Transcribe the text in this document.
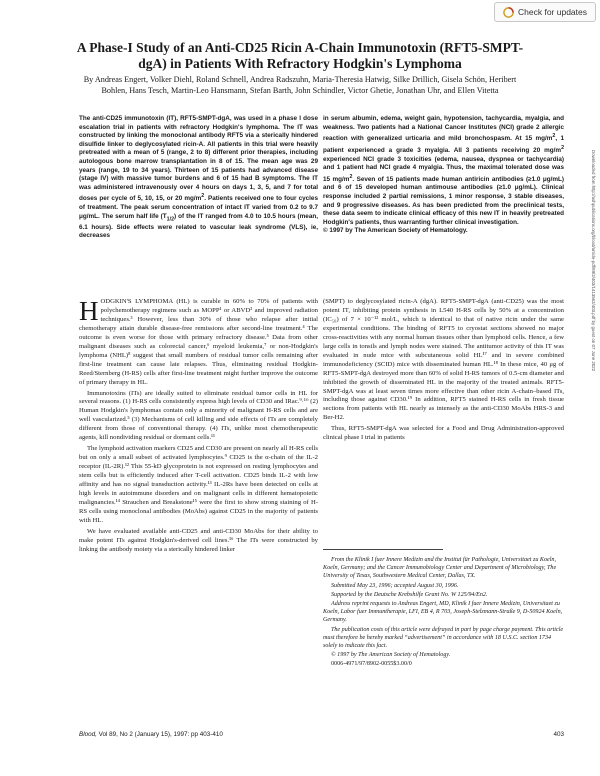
Check for updates
A Phase-I Study of an Anti-CD25 Ricin A-Chain Immunotoxin (RFT5-SMPT-dgA) in Patients With Refractory Hodgkin's Lymphoma
By Andreas Engert, Volker Diehl, Roland Schnell, Andrea Radszuhn, Maria-Theresia Hatwig, Silke Drillich, Gisela Schön, Heribert Bohlen, Hans Tesch, Martin-Leo Hansmann, Stefan Barth, John Schindler, Victor Ghetie, Jonathan Uhr, and Ellen Vitetta
The anti-CD25 immunotoxin (IT), RFT5-SMPT-dgA, was used in a phase I dose escalation trial in patients with refractory Hodgkin's lymphoma. The IT was constructed by linking the monoclonal antibody RFT5 via a sterically hindered disulfide linker to deglycosylated ricin-A. All patients in this trial were heavily pretreated with a mean of 5 (range, 2 to 8) different prior therapies, including autologous bone marrow transplantation in 8 of 15. The mean age was 29 years (range, 19 to 34 years). Thirteen of 15 patients had advanced disease (stage IV) with massive tumor burdens and 6 of 15 had B symptoms. The IT was administered intravenously over 4 hours on days 1, 3, 5, and 7 for total doses per cycle of 5, 10, 15, or 20 $mg/m^2$. Patients received one to four cycles of treatment. The peak serum concentration of intact IT varied from 0.2 to 9.7 μg/mL. The serum half life $(T_{1/2})$ of the IT ranged from 4.0 to 10.5 hours (mean, 6.1 hours). Side effects were related to vascular leak syndrome (VLS), ie, decreases
in serum albumin, edema, weight gain, hypotension, tachycardia, myalgia, and weakness. Two patients had a National Cancer Institutes (NCI) grade 2 allergic reaction with generalized urticaria and mild bronchospasm. At 15 $mg/m^2$, 1 patient experienced a grade 3 myalgia. All 3 patients receiving 20 $mg/m^2$ experienced NCI grade 3 toxicities (edema, nausea, dyspnea or tachycardia) and 1 patient had NCI grade 4 myalgia. Thus, the maximal tolerated dose was 15 $mg/m^2$. Seven of 15 patients made human antiricin antibodies (≥1.0 μg/mL) and 6 of 15 developed human antimouse antibodies (≥1.0 μg/mL). Clinical response included 2 partial remissions, 1 minor response, 3 stable diseases, and 9 progressive diseases. As has been predicted from the preclinical tests, these data seem to indicate clinical efficacy of this new IT in heavily pretreated Hodgkin's patients, thus warranting further clinical investigation.
© 1997 by The American Society of Hematology.

HODGKIN'S LYMPHOMA (HL) is curable in 60% to 70% of patients with polychemotherapy regimens such as MOPP¹ or ABVD² and improved radiation techniques.³ However, less than 30% of those who relapse after initial chemotherapy attain durable disease-free remissions after second-line treatment.⁴ The outcome is even worse for those with primary refractory disease.⁵ Data from other malignant diseases such as colorectal cancer,⁶ myeloid leukemia,⁷ or non-Hodgkin's lymphoma (NHL)⁸ suggest that small numbers of residual tumor cells remaining after first-line treatment can cause late relapses. Thus, eliminating residual Hodgkin-Reed/Sternberg (H-RS) cells after first-line treatment might further improve the outcome of primary therapy in HL.

Immunotoxins (ITs) are ideally suited to eliminate residual tumor cells in HL for several reasons. (1) H-RS cells consistently express high levels of CD30 and IRac.⁹·¹⁰ (2) Human Hodgkin's lymphomas contain only a minority of malignant H-RS cells and are well vascularized.⁵ (3) Mechanisms of cell killing and side effects of ITs are completely different from those of conventional therapy. (4) ITs, unlike most chemotherapeutic agents, kill nondividing residual or dormant cells.¹¹

The lymphoid activation markers CD25 and CD30 are present on nearly all H-RS cells but on only a small subset of activated lymphocytes.⁹ CD25 is the α-chain of the IL-2 receptor (IL-2R).¹² This 55-kD glycoprotein is not expressed on resting lymphocytes and stem cells but is efficiently induced after T-cell activation. CD25 binds IL-2 with low affinity and has no signal transduction activity.¹³ IL-2Rs have been detected on cells at high levels in autoimmune disorders and on malignant cells in different hematopoietic malignancies.¹⁴ Strauchen and Breakstone¹⁵ were the first to show strong staining of H-RS cells using monoclonal antibodies (MoAbs) against CD25 in the majority of patients with HL.

We have evaluated available anti-CD25 and anti-CD30 MoAbs for their ability to make potent ITs against Hodgkin's-derived cell lines.¹⁶ The ITs were constructed by linking the antibody moiety via a sterically hindered linker

(SMPT) to deglycosylated ricin-A (dgA). RFT5-SMPT-dgA (anti-CD25) was the most potent IT, inhibiting protein synthesis in L540 H-RS cells by 50% at a concentration (IC₅₀) of 7 × 10⁻¹² mol/L, which is identical to that of native ricin under the same experimental conditions. The binding of RFT5 to cryostat sections showed no major cross-reactivities with any normal human tissues other than lymphoid cells. Hence, a few large cells in tonsils and lymph nodes were stained. The antitumor activity of this IT was evaluated in nude mice with subcutaneous solid HL¹⁷ and in severe combined immunodeficiency (SCID) mice with disseminated human HL.¹⁸ In these mice, 40 μg of RFT5-SMPT-dgA destroyed more than 60% of solid H-RS tumors of 0.5-cm diameter and inhibited the growth of disseminated HL in the majority of the treated animals. RFT5-SMPT-dgA was at least seven times more effective than other ricin A-chain–based ITs, including those against CD30.¹⁹ In addition, RFT5 stained H-RS cells in fresh tissue sections from patients with HL nearly as intensely as the anti-CD30 MoAbs HRS-3 and Ber-H2.

Thus, RFT5-SMPT-dgA was selected for a Food and Drug Administration-approved clinical phase I trial in patients

From the Klinik I fuer Innere Medizin and the Institut für Pathologie, Universitaet zu Koeln, Koeln, Germany; and the Cancer Immunobiology Center and Department of Microbiology, The University of Texas, Southwestern Medical Center, Dallas, TX.

Submitted May 23, 1996; accepted August 30, 1996.

Supported by the Deutsche Krebshilfe Grant No. W 125/94/En2.

Address reprint requests to Andreas Engert, MD, Klinik I fuer Innere Medizin, Universitaet zu Koeln, Labor fuer Immuntherapie, LFI, EB 4, R 703, Joseph-Stelzmann-Straße 9, D-50924 Koeln, Germany.

The publication costs of this article were defrayed in part by page charge payment. This article must therefore be hereby marked “advertisement” in accordance with 18 U.S.C. section 1734 solely to indicate this fact.

© 1997 by The American Society of Hematology.

0006-4971/97/8902-0055$3.00/0

Blood, Vol 89, No 2 (January 15), 1997: pp 403-410	403
Downloaded from http://ashpublications.org/blood/article-pdf/89/2/403/1413562/403.pdf by guest on 07 June 2022
